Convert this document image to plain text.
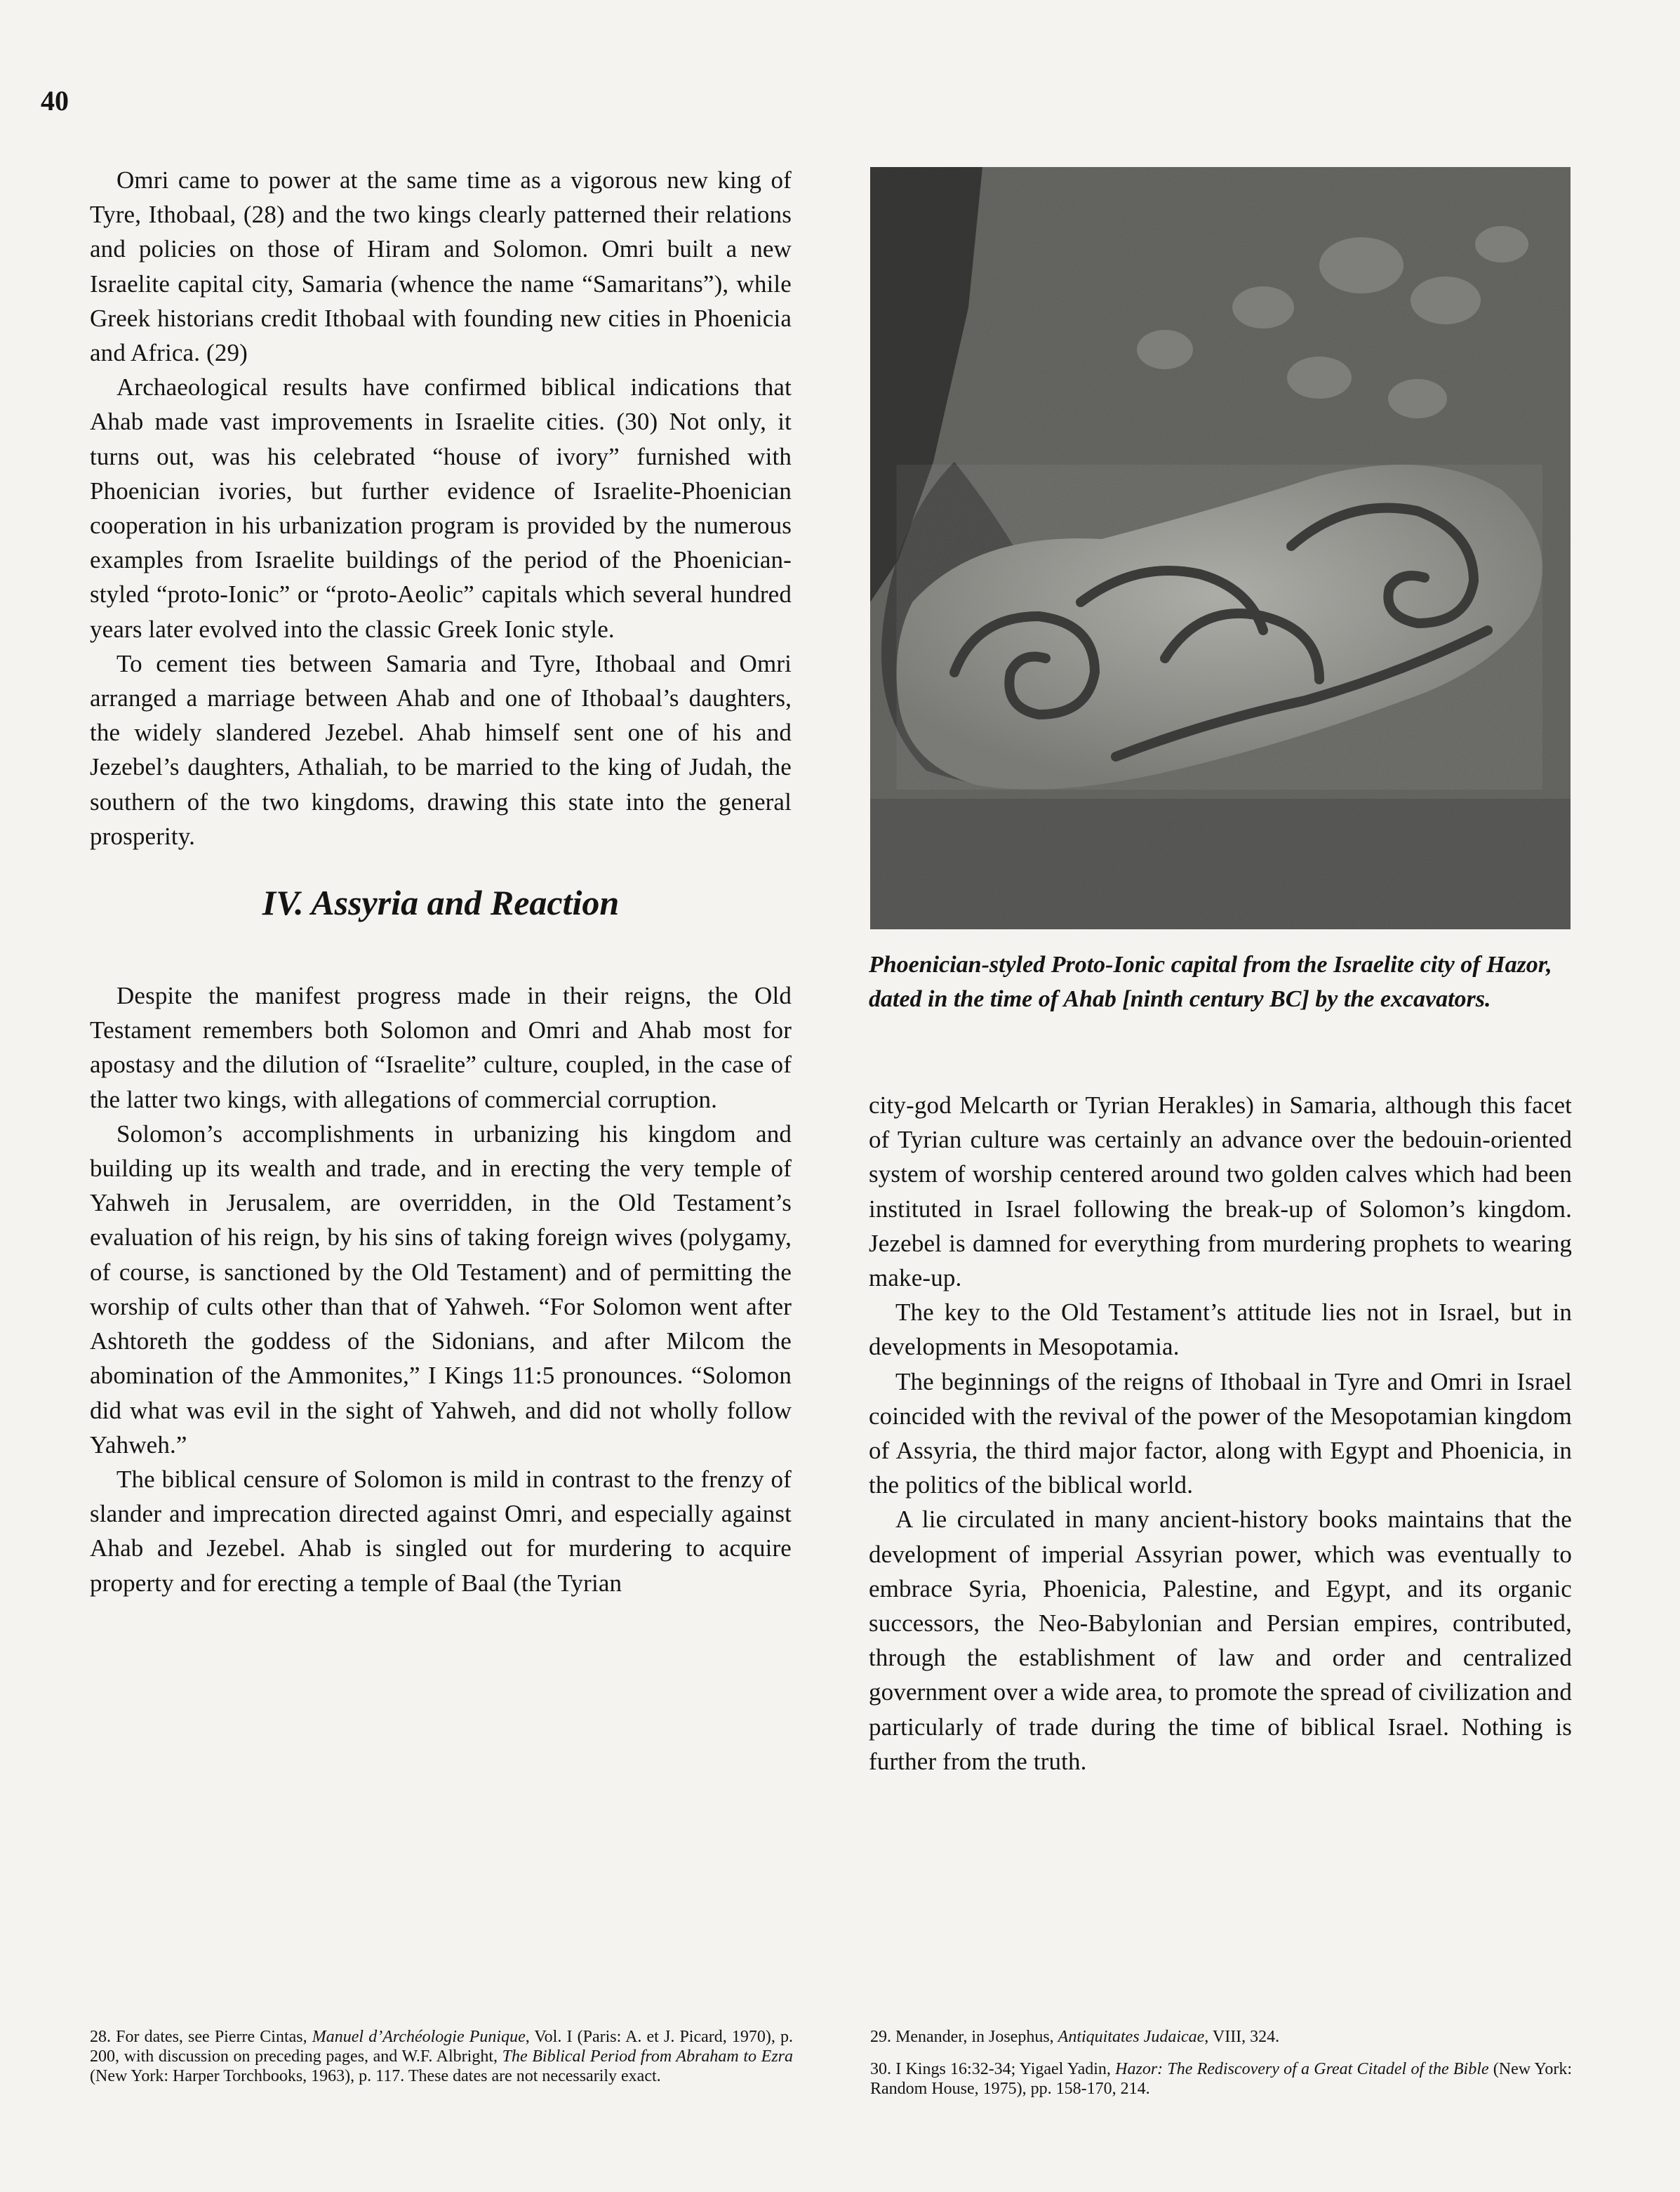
40

Omri came to power at the same time as a vigorous new king of Tyre, Ithobaal, (28) and the two kings clearly patterned their relations and policies on those of Hiram and Solomon. Omri built a new Israelite capital city, Samaria (whence the name “Samaritans”), while Greek historians credit Ithobaal with founding new cities in Phoenicia and Africa. (29)

Archaeological results have confirmed biblical indications that Ahab made vast improvements in Israelite cities. (30) Not only, it turns out, was his celebrated “house of ivory” furnished with Phoenician ivories, but further evidence of Israelite-Phoenician cooperation in his urbanization program is provided by the numerous examples from Israelite buildings of the period of the Phoenician-styled “proto-Ionic” or “proto-Aeolic” capitals which several hundred years later evolved into the classic Greek Ionic style.

To cement ties between Samaria and Tyre, Ithobaal and Omri arranged a marriage between Ahab and one of Ithobaal’s daughters, the widely slandered Jezebel. Ahab himself sent one of his and Jezebel’s daughters, Athaliah, to be married to the king of Judah, the southern of the two kingdoms, drawing this state into the general prosperity.

IV. Assyria and Reaction

Despite the manifest progress made in their reigns, the Old Testament remembers both Solomon and Omri and Ahab most for apostasy and the dilution of “Israelite” culture, coupled, in the case of the latter two kings, with allegations of commercial corruption.

Solomon’s accomplishments in urbanizing his kingdom and building up its wealth and trade, and in erecting the very temple of Yahweh in Jerusalem, are overridden, in the Old Testament’s evaluation of his reign, by his sins of taking foreign wives (polygamy, of course, is sanctioned by the Old Testament) and of permitting the worship of cults other than that of Yahweh. “For Solomon went after Ashtoreth the goddess of the Sidonians, and after Milcom the abomination of the Ammonites,” I Kings 11:5 pronounces. “Solomon did what was evil in the sight of Yahweh, and did not wholly follow Yahweh.”

The biblical censure of Solomon is mild in contrast to the frenzy of slander and imprecation directed against Omri, and especially against Ahab and Jezebel. Ahab is singled out for murdering to acquire property and for erecting a temple of Baal (the Tyrian

Phoenician-styled Proto-Ionic capital from the Israelite city of Hazor, dated in the time of Ahab [ninth century BC] by the excavators.

city-god Melcarth or Tyrian Herakles) in Samaria, although this facet of Tyrian culture was certainly an advance over the bedouin-oriented system of worship centered around two golden calves which had been instituted in Israel following the break-up of Solomon’s kingdom. Jezebel is damned for everything from murdering prophets to wearing make-up.

The key to the Old Testament’s attitude lies not in Israel, but in developments in Mesopotamia.

The beginnings of the reigns of Ithobaal in Tyre and Omri in Israel coincided with the revival of the power of the Mesopotamian kingdom of Assyria, the third major factor, along with Egypt and Phoenicia, in the politics of the biblical world.

A lie circulated in many ancient-history books maintains that the development of imperial Assyrian power, which was eventually to embrace Syria, Phoenicia, Palestine, and Egypt, and its organic successors, the Neo-Babylonian and Persian empires, contributed, through the establishment of law and order and centralized government over a wide area, to promote the spread of civilization and particularly of trade during the time of biblical Israel. Nothing is further from the truth.

28. For dates, see Pierre Cintas, Manuel d’Archéologie Punique, Vol. I (Paris: A. et J. Picard, 1970), p. 200, with discussion on preceding pages, and W.F. Albright, The Biblical Period from Abraham to Ezra (New York: Harper Torchbooks, 1963), p. 117. These dates are not necessarily exact.

29. Menander, in Josephus, Antiquitates Judaicae, VIII, 324.

30. I Kings 16:32-34; Yigael Yadin, Hazor: The Rediscovery of a Great Citadel of the Bible (New York: Random House, 1975), pp. 158-170, 214.
